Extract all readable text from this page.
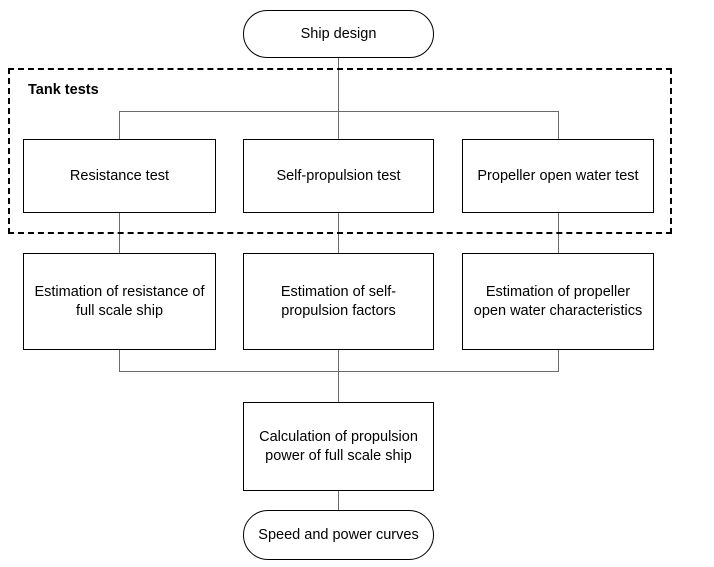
Tank tests
Ship design
Resistance test	Self-propulsion test	Propeller open water test
Estimation of resistance of full scale ship
Estimation of self-propulsion factors
Estimation of propeller open water characteristics
Calculation of propulsion power of full scale ship
Speed and power curves
